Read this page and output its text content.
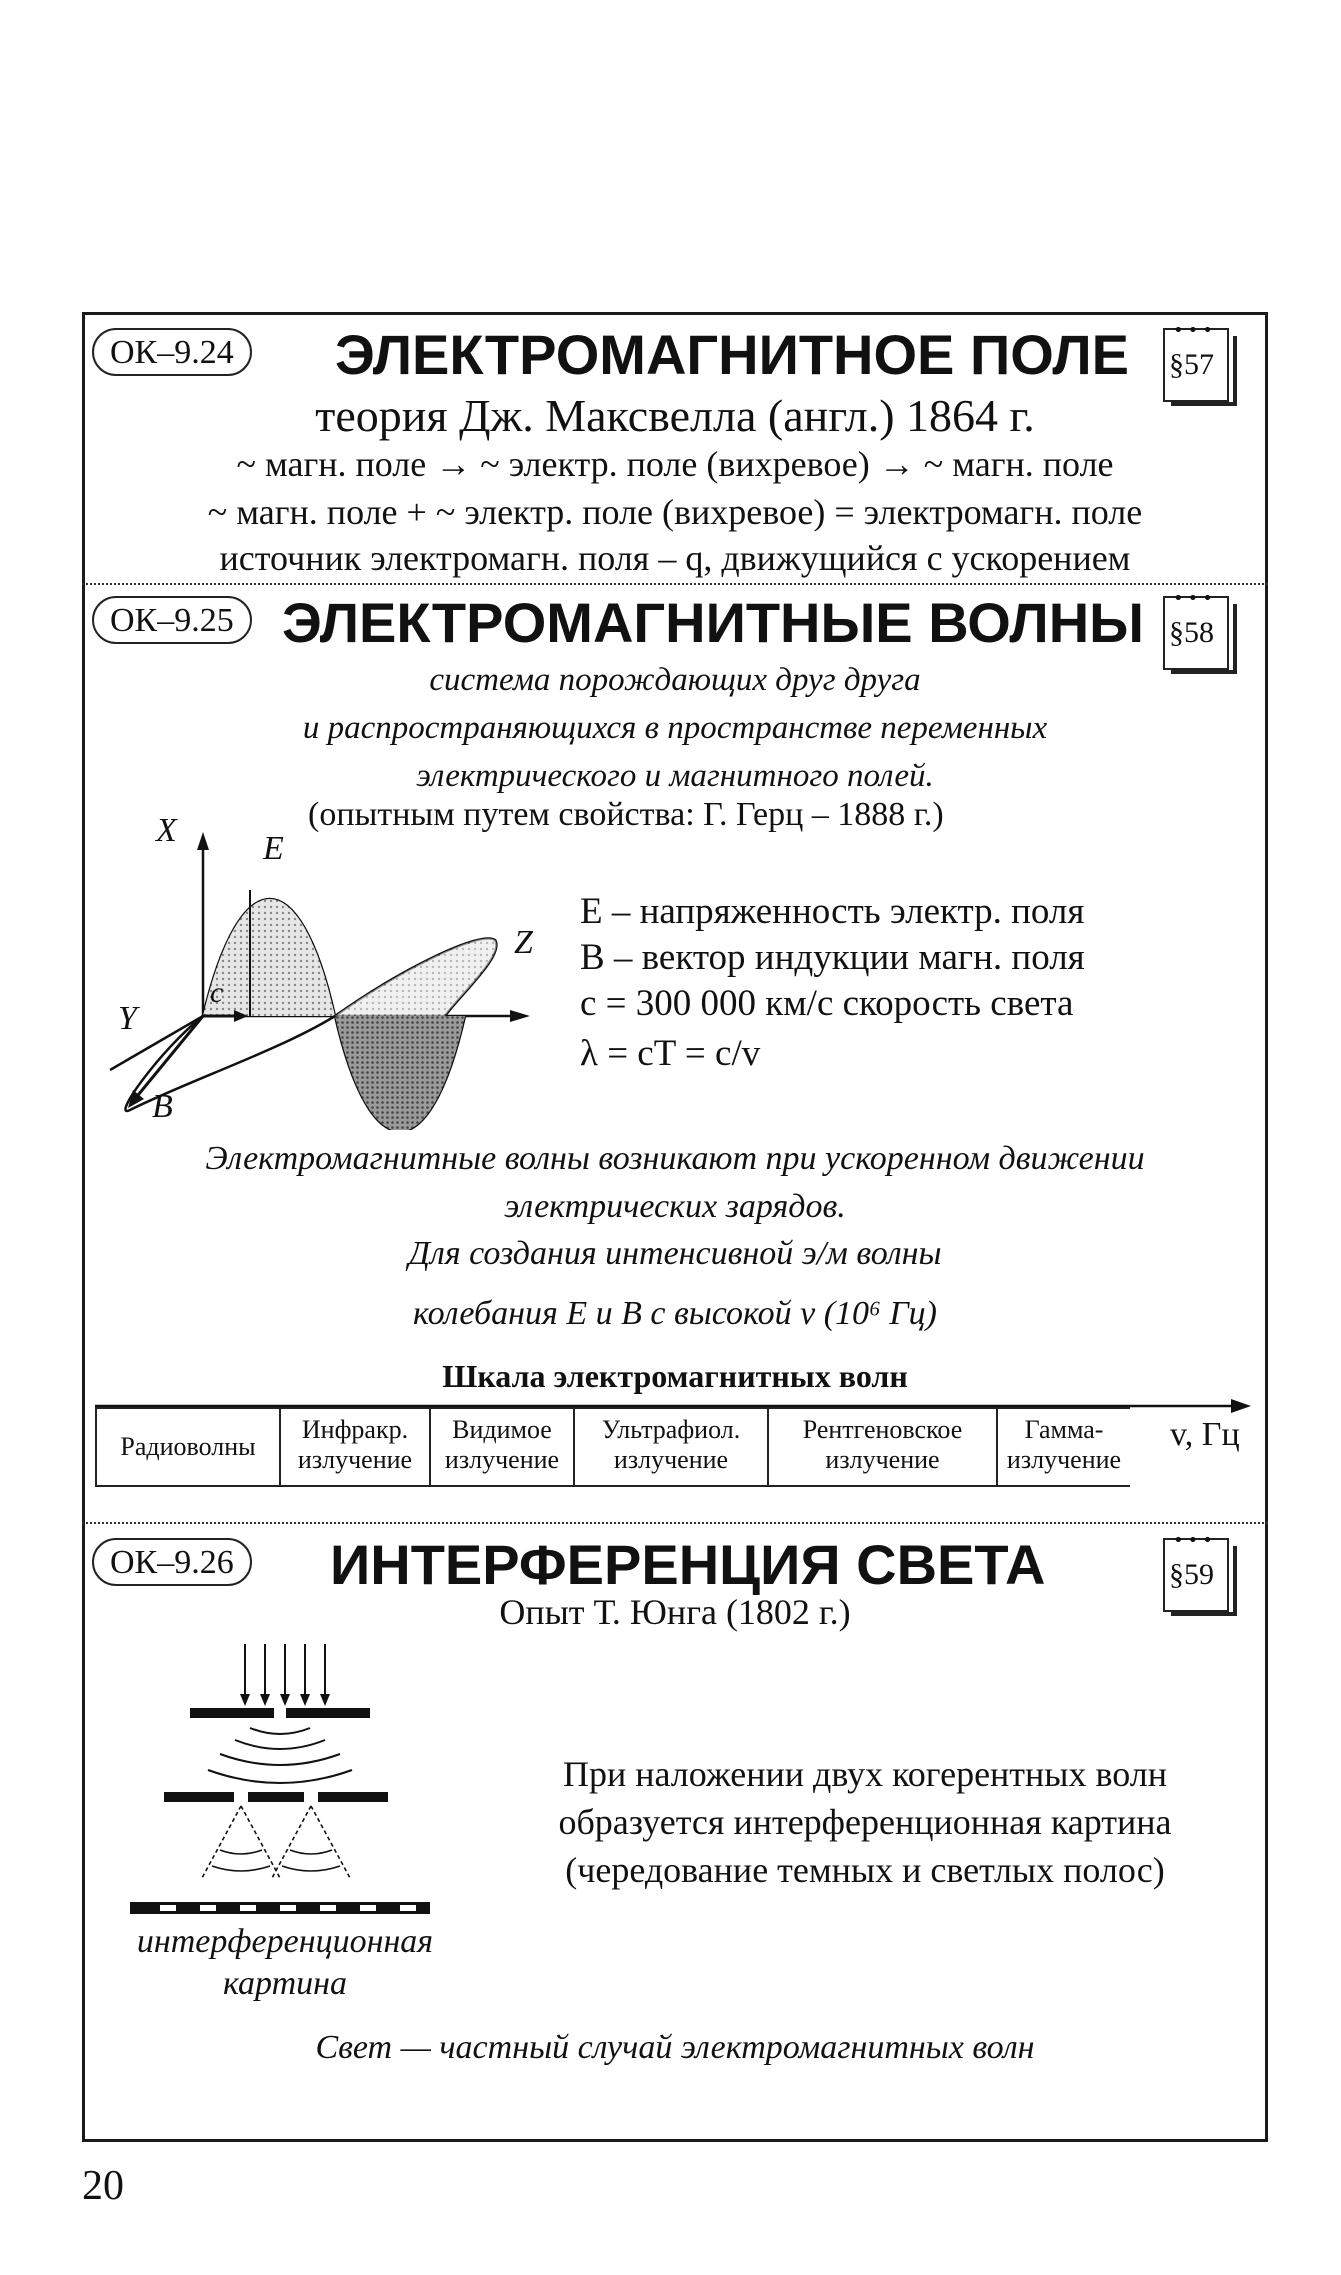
ОК–9.24	ЭЛЕКТРОМАГНИТНОЕ ПОЛЕ •••
§57
теория Дж. Максвелла (англ.) 1864 г.
~ магн. поле → ~ электр. поле (вихревое) → ~ магн. поле
~ магн. поле + ~ электр. поле (вихревое) = электромагн. поле
источник электромагн. поля – q, движущийся с ускорением
ОК–9.25 ЭЛЕКТРОМАГНИТНЫЕ ВОЛНЫ •••
§58
система порождающих друг друга
и распространяющихся в пространстве переменных
электрического и магнитного полей.
(опытным путем свойства: Г. Герц – 1888 г.)
X	E
Z
Y
c
B
E – напряженность электр. поля
B – вектор индукции магн. поля
c = 300 000 км/с скорость света
λ = cT = c/v
Электромагнитные волны возникают при ускоренном движении
электрических зарядов.
Для создания интенсивной э/м волны
колебания E и B с высокой v (10⁶ Гц)
Шкала электромагнитных волн
v, Гц
Радиоволны	Инфракр. излучение	Видимое излучение	Ультрафиол. излучение	Рентгеновское излучение	Гамма- излучение
ОК–9.26	ИНТЕРФЕРЕНЦИЯ СВЕТА	•••
§59
Опыт Т. Юнга (1802 г.)
интерференционная
картина
При наложении двух когерентных волн
образуется интерференционная картина
(чередование темных и светлых полос)
Свет — частный случай электромагнитных волн
20
